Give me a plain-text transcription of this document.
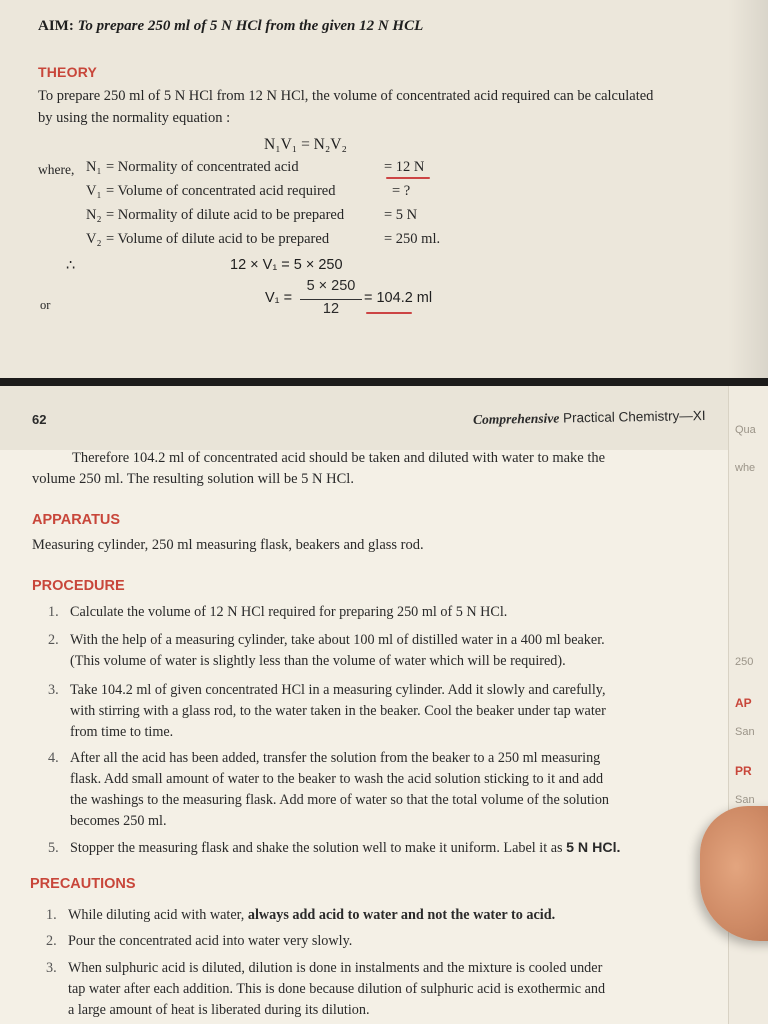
AIM: To prepare 250 ml of 5 N HCl from the given 12 N HCL
THEORY
To prepare 250 ml of 5 N HCl from 12 N HCl, the volume of concentrated acid required can be calculated
by using the normality equation :
N₁V₁ = N₂V₂
where, N₁ = Normality of concentrated acid	= 12 N
V₁ = Volume of concentrated acid required	= ?
N₂ = Normality of dilute acid to be prepared	= 5 N
V₂ = Volume of dilute acid to be prepared	= 250 ml.
∴	12 × V₁ = 5 × 250
or	V₁ =
5 × 250
12
= 104.2 ml
62	Comprehensive Practical Chemistry—XI
Qua
whe
250
AP
San
PR
San
Therefore 104.2 ml of concentrated acid should be taken and diluted with water to make the
volume 250 ml. The resulting solution will be 5 N HCl.
APPARATUS
Measuring cylinder, 250 ml measuring flask, beakers and glass rod.
PROCEDURE
1. Calculate the volume of 12 N HCl required for preparing 250 ml of 5 N HCl.
2. With the help of a measuring cylinder, take about 100 ml of distilled water in a 400 ml beaker.
(This volume of water is slightly less than the volume of water which will be required).
3. Take 104.2 ml of given concentrated HCl in a measuring cylinder. Add it slowly and carefully,
with stirring with a glass rod, to the water taken in the beaker. Cool the beaker under tap water
from time to time.
4. After all the acid has been added, transfer the solution from the beaker to a 250 ml measuring
flask. Add small amount of water to the beaker to wash the acid solution sticking to it and add
the washings to the measuring flask. Add more of water so that the total volume of the solution
becomes 250 ml.
5. Stopper the measuring flask and shake the solution well to make it uniform. Label it as 5 N HCl.
PRECAUTIONS
1. While diluting acid with water, always add acid to water and not the water to acid.
2. Pour the concentrated acid into water very slowly.
3. When sulphuric acid is diluted, dilution is done in instalments and the mixture is cooled under
tap water after each addition. This is done because dilution of sulphuric acid is exothermic and
a large amount of heat is liberated during its dilution.
